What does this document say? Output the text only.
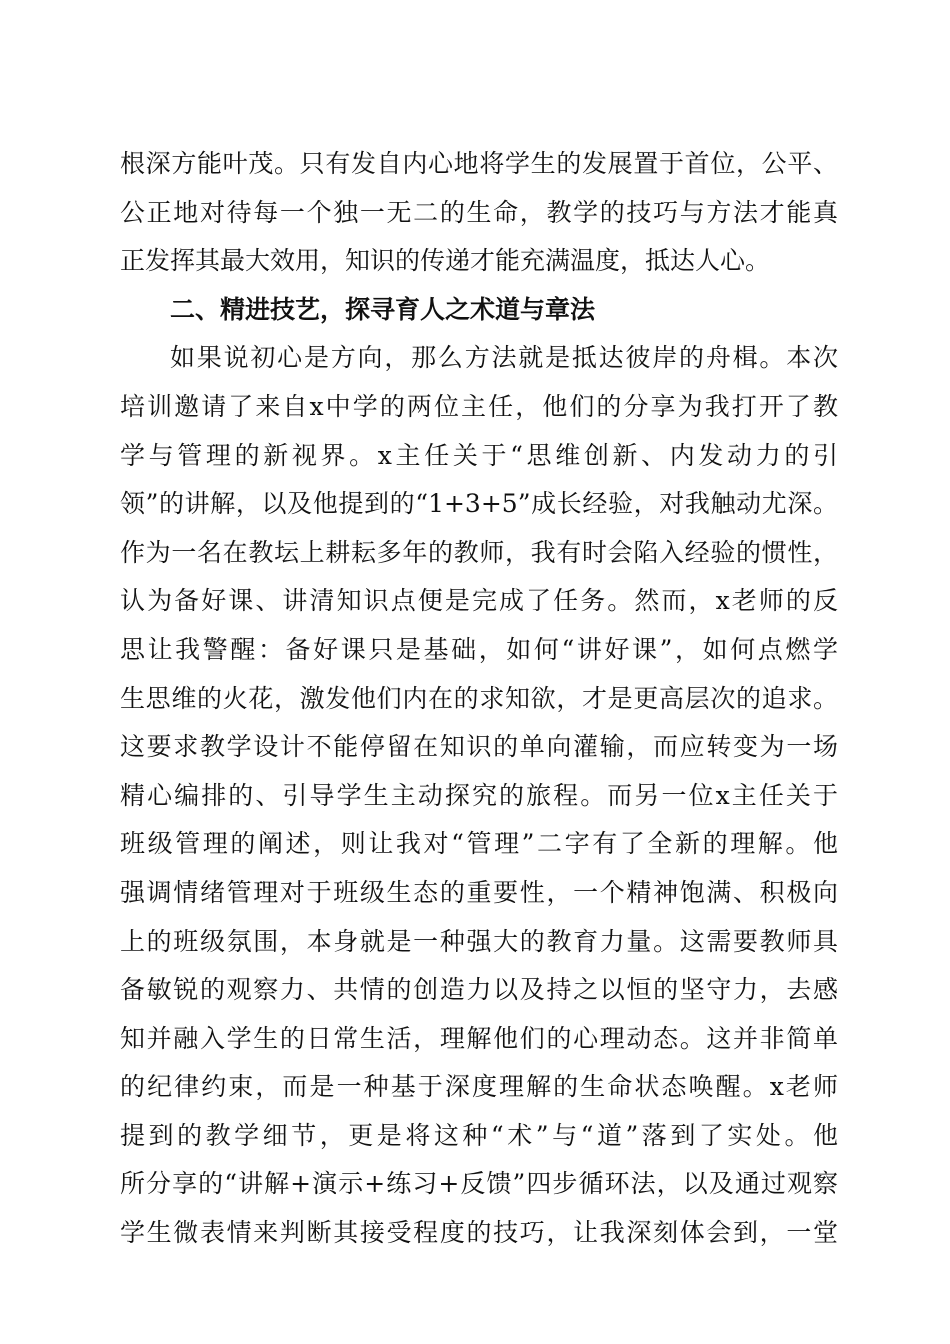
根深方能叶茂。只有发自内心地将学生的发展置于首位，公平、
公正地对待每一个独一无二的生命，教学的技巧与方法才能真
正发挥其最大效用，知识的传递才能充满温度，抵达人心。
二、精进技艺，探寻育人之术道与章法
如果说初心是方向，那么方法就是抵达彼岸的舟楫。本次
培训邀请了来自x中学的两位主任，他们的分享为我打开了教
学与管理的新视界。x主任关于“思维创新、内发动力的引
领”的讲解，以及他提到的“1+3+5”成长经验，对我触动尤深。
作为一名在教坛上耕耘多年的教师，我有时会陷入经验的惯性，
认为备好课、讲清知识点便是完成了任务。然而，x老师的反
思让我警醒：备好课只是基础，如何“讲好课”，如何点燃学
生思维的火花，激发他们内在的求知欲，才是更高层次的追求。
这要求教学设计不能停留在知识的单向灌输，而应转变为一场
精心编排的、引导学生主动探究的旅程。而另一位x主任关于
班级管理的阐述，则让我对“管理”二字有了全新的理解。他
强调情绪管理对于班级生态的重要性，一个精神饱满、积极向
上的班级氛围，本身就是一种强大的教育力量。这需要教师具
备敏锐的观察力、共情的创造力以及持之以恒的坚守力，去感
知并融入学生的日常生活，理解他们的心理动态。这并非简单
的纪律约束，而是一种基于深度理解的生命状态唤醒。x老师
提到的教学细节，更是将这种“术”与“道”落到了实处。他
所分享的“讲解+演示+练习+反馈”四步循环法，以及通过观察
学生微表情来判断其接受程度的技巧，让我深刻体会到，一堂
